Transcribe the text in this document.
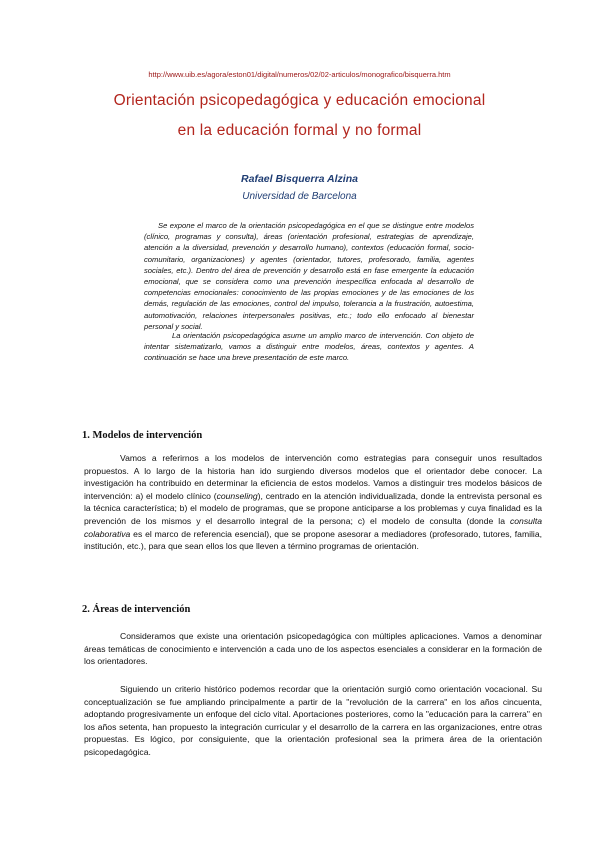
http://www.uib.es/agora/eston01/digital/numeros/02/02-articulos/monografico/bisquerra.htm
Orientación psicopedagógica y educación emocional
en la educación formal y no formal
Rafael Bisquerra Alzina
Universidad de Barcelona

Se expone el marco de la orientación psicopedagógica en el que se distingue entre modelos (clínico, programas y consulta), áreas (orientación profesional, estrategias de aprendizaje, atención a la diversidad, prevención y desarrollo humano), contextos (educación formal, socio-comunitario, organizaciones) y agentes (orientador, tutores, profesorado, familia, agentes sociales, etc.). Dentro del área de prevención y desarrollo está en fase emergente la educación emocional, que se considera como una prevención inespecífica enfocada al desarrollo de competencias emocionales: conocimiento de las propias emociones y de las emociones de los demás, regulación de las emociones, control del impulso, tolerancia a la frustración, autoestima, automotivación, relaciones interpersonales positivas, etc.; todo ello enfocado al bienestar personal y social.

La orientación psicopedagógica asume un amplio marco de intervención. Con objeto de intentar sistematizarlo, vamos a distinguir entre modelos, áreas, contextos y agentes. A continuación se hace una breve presentación de este marco.

1. Modelos de intervención

Vamos a referirnos a los modelos de intervención como estrategias para conseguir unos resultados propuestos. A lo largo de la historia han ido surgiendo diversos modelos que el orientador debe conocer. La investigación ha contribuido en determinar la eficiencia de estos modelos. Vamos a distinguir tres modelos básicos de intervención: a) el modelo clínico (counseling), centrado en la atención individualizada, donde la entrevista personal es la técnica característica; b) el modelo de programas, que se propone anticiparse a los problemas y cuya finalidad es la prevención de los mismos y el desarrollo integral de la persona; c) el modelo de consulta (donde la consulta colaborativa es el marco de referencia esencial), que se propone asesorar a mediadores (profesorado, tutores, familia, institución, etc.), para que sean ellos los que lleven a término programas de orientación.

2. Áreas de intervención

Consideramos que existe una orientación psicopedagógica con múltiples aplicaciones. Vamos a denominar áreas temáticas de conocimiento e intervención a cada uno de los aspectos esenciales a considerar en la formación de los orientadores.

Siguiendo un criterio histórico podemos recordar que la orientación surgió como orientación vocacional. Su conceptualización se fue ampliando principalmente a partir de la "revolución de la carrera" en los años cincuenta, adoptando progresivamente un enfoque del ciclo vital. Aportaciones posteriores, como la "educación para la carrera" en los años setenta, han propuesto la integración curricular y el desarrollo de la carrera en las organizaciones, entre otras propuestas. Es lógico, por consiguiente, que la orientación profesional sea la primera área de la orientación psicopedagógica.
